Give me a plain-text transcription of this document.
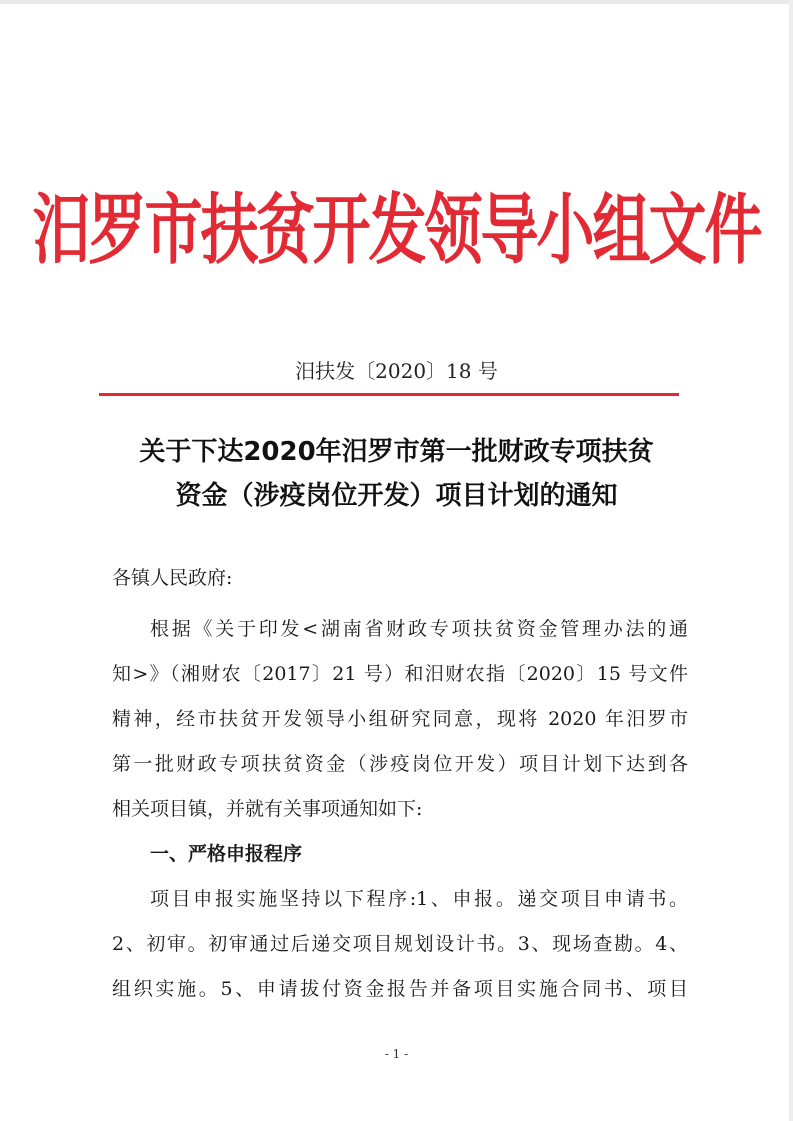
汨罗市扶贫开发领导小组文件
汨扶发〔2020〕18 号
关于下达2020年汨罗市第一批财政专项扶贫
资金（涉疫岗位开发）项目计划的通知
各镇人民政府:

根据《关于印发<湖南省财政专项扶贫资金管理办法的通

知>》（湘财农〔2017〕21 号）和汨财农指〔2020〕15 号文件

精神，经市扶贫开发领导小组研究同意，现将 2020 年汨罗市

第一批财政专项扶贫资金（涉疫岗位开发）项目计划下达到各

相关项目镇，并就有关事项通知如下:

一、严格申报程序

项目申报实施坚持以下程序:1、申报。递交项目申请书。

2、初审。初审通过后递交项目规划设计书。3、现场查勘。4、

组织实施。5、申请拔付资金报告并备项目实施合同书、项目

- 1 -
